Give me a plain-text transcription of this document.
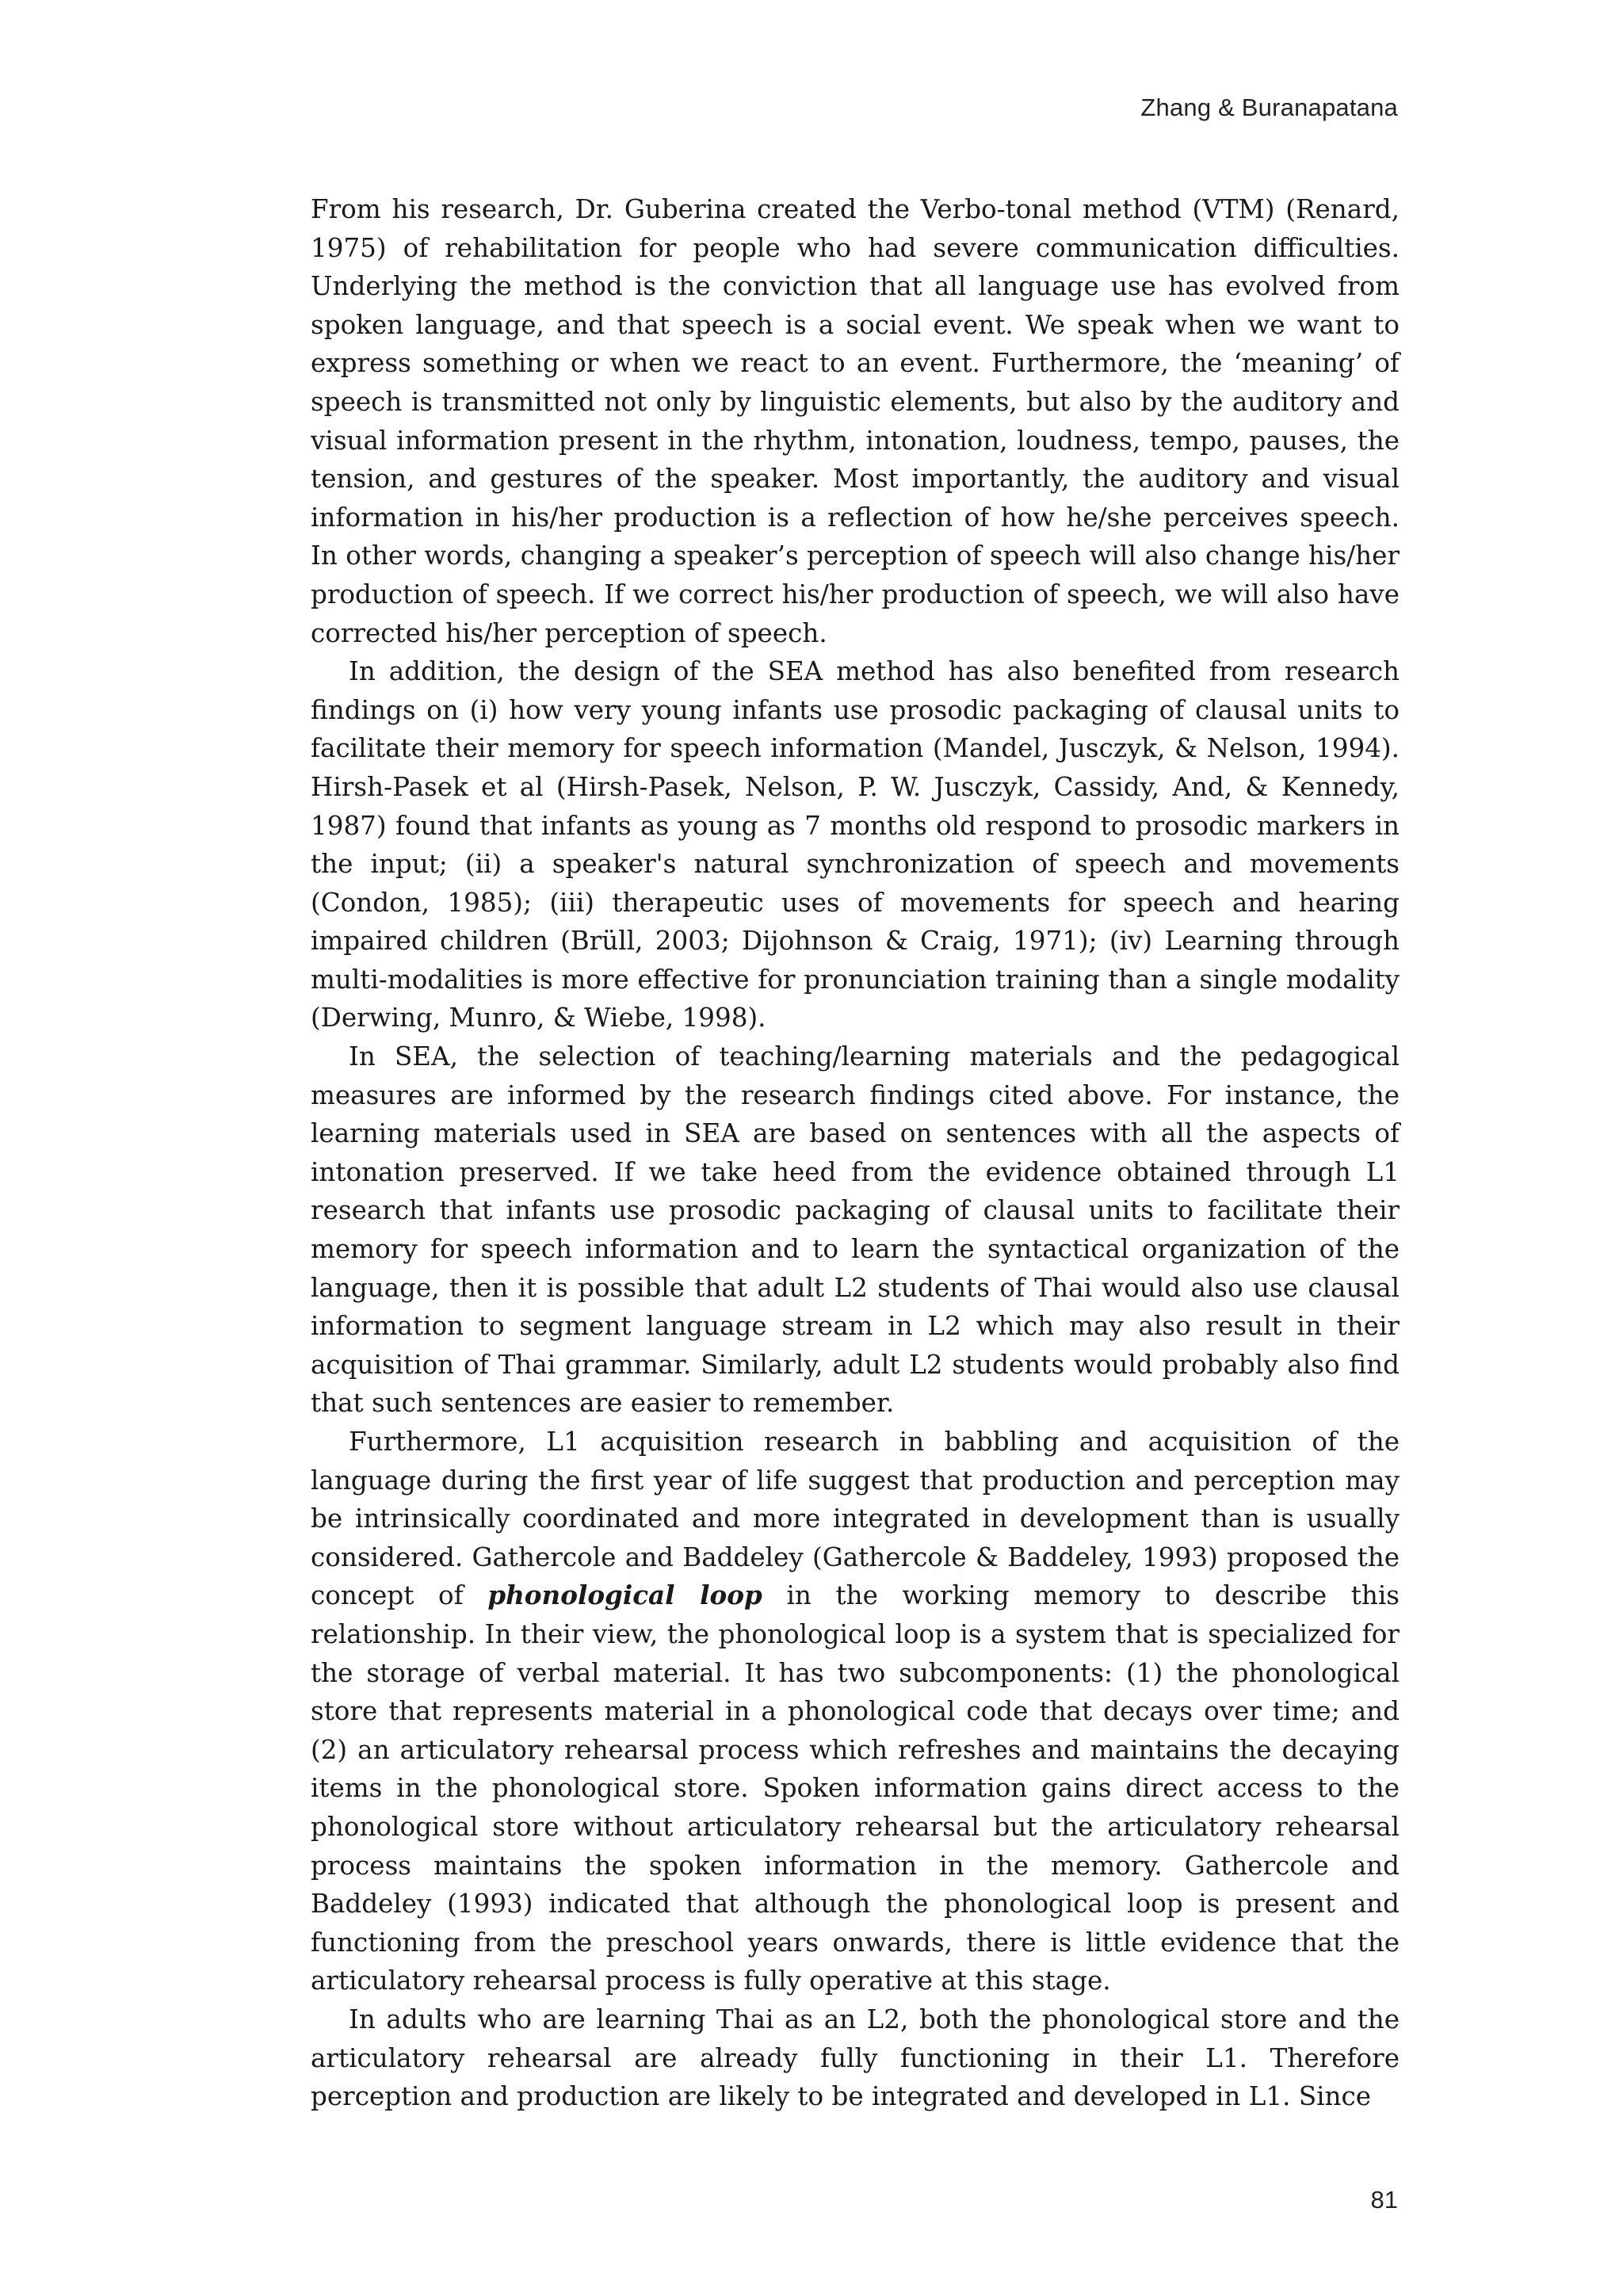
Zhang & Buranapatana

From his research, Dr. Guberina created the Verbo-tonal method (VTM) (Renard, 1975) of rehabilitation for people who had severe communication difficulties. Underlying the method is the conviction that all language use has evolved from spoken language, and that speech is a social event. We speak when we want to express something or when we react to an event. Furthermore, the ‘meaning’ of speech is transmitted not only by linguistic elements, but also by the auditory and visual information present in the rhythm, intonation, loudness, tempo, pauses, the tension, and gestures of the speaker. Most importantly, the auditory and visual information in his/her production is a reflection of how he/she perceives speech. In other words, changing a speaker’s perception of speech will also change his/her production of speech. If we correct his/her production of speech, we will also have corrected his/her perception of speech.

In addition, the design of the SEA method has also benefited from research findings on (i) how very young infants use prosodic packaging of clausal units to facilitate their memory for speech information (Mandel, Jusczyk, & Nelson, 1994). Hirsh-Pasek et al (Hirsh-Pasek, Nelson, P. W. Jusczyk, Cassidy, And, & Kennedy, 1987) found that infants as young as 7 months old respond to prosodic markers in the input; (ii) a speaker's natural synchronization of speech and movements (Condon, 1985); (iii) therapeutic uses of movements for speech and hearing impaired children (Brüll, 2003; Dijohnson & Craig, 1971); (iv) Learning through multi-modalities is more effective for pronunciation training than a single modality (Derwing, Munro, & Wiebe, 1998).

In SEA, the selection of teaching/learning materials and the pedagogical measures are informed by the research findings cited above. For instance, the learning materials used in SEA are based on sentences with all the aspects of intonation preserved. If we take heed from the evidence obtained through L1 research that infants use prosodic packaging of clausal units to facilitate their memory for speech information and to learn the syntactical organization of the language, then it is possible that adult L2 students of Thai would also use clausal information to segment language stream in L2 which may also result in their acquisition of Thai grammar. Similarly, adult L2 students would probably also find that such sentences are easier to remember.

Furthermore, L1 acquisition research in babbling and acquisition of the language during the first year of life suggest that production and perception may be intrinsically coordinated and more integrated in development than is usually considered. Gathercole and Baddeley (Gathercole & Baddeley, 1993) proposed the concept of phonological loop in the working memory to describe this relationship. In their view, the phonological loop is a system that is specialized for the storage of verbal material. It has two subcomponents: (1) the phonological store that represents material in a phonological code that decays over time; and (2) an articulatory rehearsal process which refreshes and maintains the decaying items in the phonological store. Spoken information gains direct access to the phonological store without articulatory rehearsal but the articulatory rehearsal process maintains the spoken information in the memory. Gathercole and Baddeley (1993) indicated that although the phonological loop is present and functioning from the preschool years onwards, there is little evidence that the articulatory rehearsal process is fully operative at this stage.

In adults who are learning Thai as an L2, both the phonological store and the articulatory rehearsal are already fully functioning in their L1. Therefore perception and production are likely to be integrated and developed in L1. Since

81
